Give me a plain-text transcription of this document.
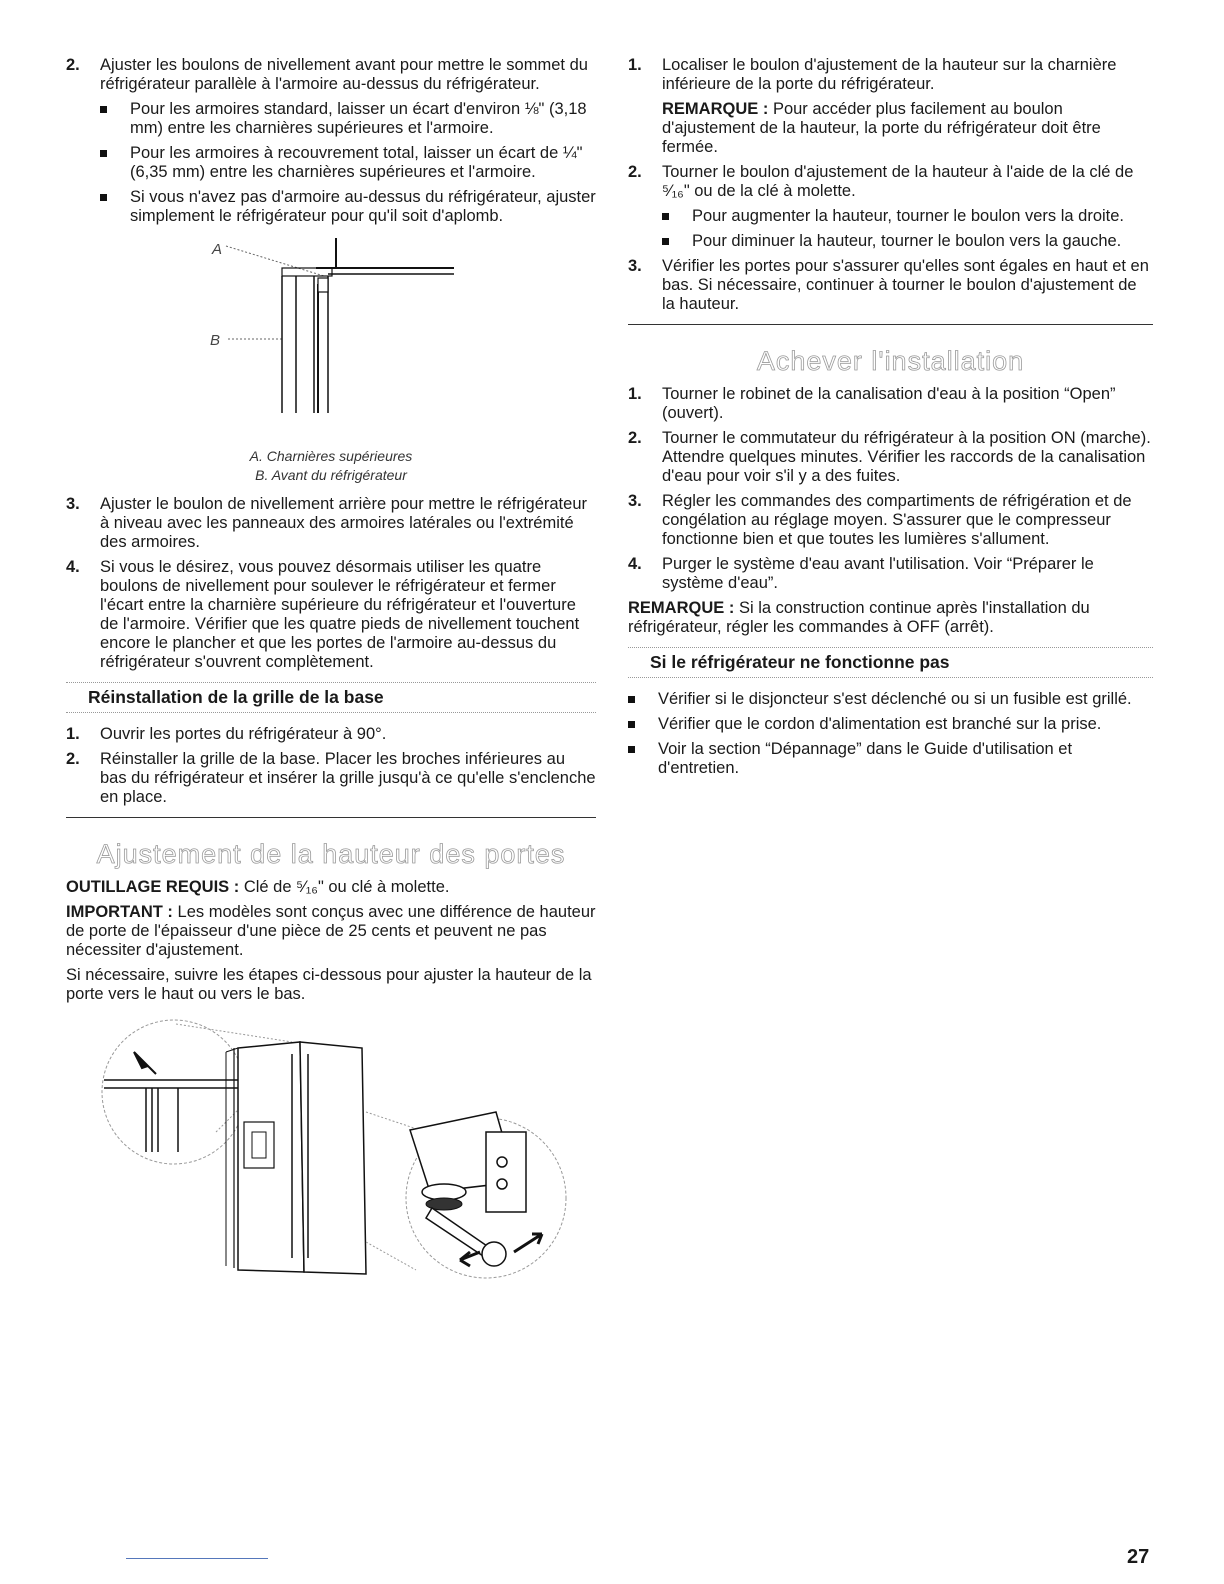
2. Ajuster les boulons de nivellement avant pour mettre le sommet du réfrigérateur parallèle à l'armoire au-dessus du réfrigérateur.
Pour les armoires standard, laisser un écart d'environ ⅛" (3,18 mm) entre les charnières supérieures et l'armoire.
Pour les armoires à recouvrement total, laisser un écart de ¼" (6,35 mm) entre les charnières supérieures et l'armoire.
Si vous n'avez pas d'armoire au-dessus du réfrigérateur, ajuster simplement le réfrigérateur pour qu'il soit d'aplomb.
A
B
A. Charnières supérieures
B. Avant du réfrigérateur
3. Ajuster le boulon de nivellement arrière pour mettre le réfrigérateur à niveau avec les panneaux des armoires latérales ou l'extrémité des armoires.
4. Si vous le désirez, vous pouvez désormais utiliser les quatre boulons de nivellement pour soulever le réfrigérateur et fermer l'écart entre la charnière supérieure du réfrigérateur et l'ouverture de l'armoire. Vérifier que les quatre pieds de nivellement touchent encore le plancher et que les portes de l'armoire au-dessus du réfrigérateur s'ouvrent complètement.
Réinstallation de la grille de la base
1. Ouvrir les portes du réfrigérateur à 90°.
2. Réinstaller la grille de la base. Placer les broches inférieures au bas du réfrigérateur et insérer la grille jusqu'à ce qu'elle s'enclenche en place.
Ajustement de la hauteur des portes
OUTILLAGE REQUIS : Clé de ⁵⁄₁₆" ou clé à molette.
IMPORTANT : Les modèles sont conçus avec une différence de hauteur de porte de l'épaisseur d'une pièce de 25 cents et peuvent ne pas nécessiter d'ajustement.
Si nécessaire, suivre les étapes ci-dessous pour ajuster la hauteur de la porte vers le haut ou vers le bas.
1. Localiser le boulon d'ajustement de la hauteur sur la charnière inférieure de la porte du réfrigérateur.
REMARQUE : Pour accéder plus facilement au boulon d'ajustement de la hauteur, la porte du réfrigérateur doit être fermée.
2. Tourner le boulon d'ajustement de la hauteur à l'aide de la clé de ⁵⁄₁₆" ou de la clé à molette.
Pour augmenter la hauteur, tourner le boulon vers la droite.
Pour diminuer la hauteur, tourner le boulon vers la gauche.
3. Vérifier les portes pour s'assurer qu'elles sont égales en haut et en bas. Si nécessaire, continuer à tourner le boulon d'ajustement de la hauteur.
Achever l'installation
1. Tourner le robinet de la canalisation d'eau à la position “Open” (ouvert).
2. Tourner le commutateur du réfrigérateur à la position ON (marche). Attendre quelques minutes. Vérifier les raccords de la canalisation d'eau pour voir s'il y a des fuites.
3. Régler les commandes des compartiments de réfrigération et de congélation au réglage moyen. S'assurer que le compresseur fonctionne bien et que toutes les lumières s'allument.
4. Purger le système d'eau avant l'utilisation. Voir “Préparer le système d'eau”.
REMARQUE : Si la construction continue après l'installation du réfrigérateur, régler les commandes à OFF (arrêt).
Si le réfrigérateur ne fonctionne pas
Vérifier si le disjoncteur s'est déclenché ou si un fusible est grillé.
Vérifier que le cordon d'alimentation est branché sur la prise.
Voir la section “Dépannage” dans le Guide d'utilisation et d'entretien.
27
